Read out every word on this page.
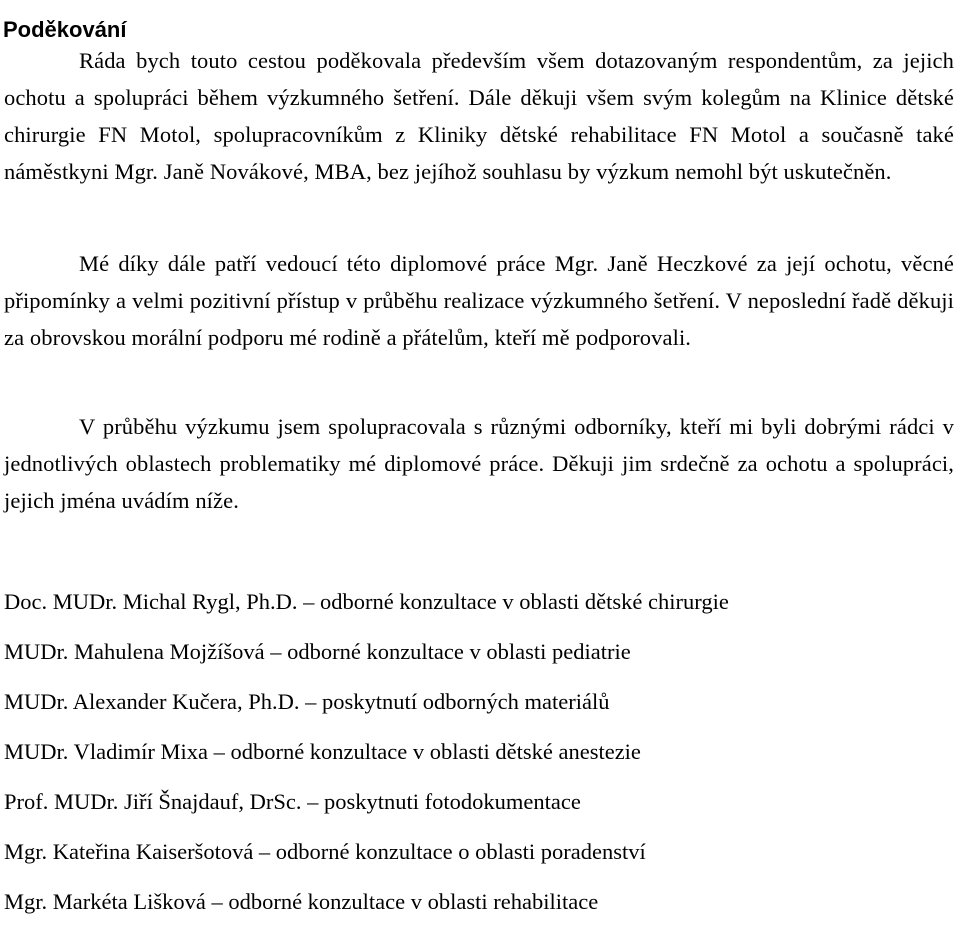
Poděkování

Ráda bych touto cestou poděkovala především všem dotazovaným respondentům, za jejich ochotu a spolupráci během výzkumného šetření. Dále děkuji všem svým kolegům na Klinice dětské chirurgie FN Motol, spolupracovníkům z Kliniky dětské rehabilitace FN Motol a současně také náměstkyni Mgr. Janě Novákové, MBA, bez jejíhož souhlasu by výzkum nemohl být uskutečněn.

Mé díky dále patří vedoucí této diplomové práce Mgr. Janě Heczkové za její ochotu, věcné připomínky a velmi pozitivní přístup v průběhu realizace výzkumného šetření. V neposlední řadě děkuji za obrovskou morální podporu mé rodině a přátelům, kteří mě podporovali.

V průběhu výzkumu jsem spolupracovala s různými odborníky, kteří mi byli dobrými rádci v jednotlivých oblastech problematiky mé diplomové práce. Děkuji jim srdečně za ochotu a spolupráci, jejich jména uvádím níže.

Doc. MUDr. Michal Rygl, Ph.D. – odborné konzultace v oblasti dětské chirurgie
MUDr. Mahulena Mojžíšová – odborné konzultace v oblasti pediatrie
MUDr. Alexander Kučera, Ph.D. – poskytnutí odborných materiálů
MUDr. Vladimír Mixa – odborné konzultace v oblasti dětské anestezie
Prof. MUDr. Jiří Šnajdauf, DrSc. – poskytnuti fotodokumentace
Mgr. Kateřina Kaiseršotová – odborné konzultace o oblasti poradenství
Mgr. Markéta Lišková – odborné konzultace v oblasti rehabilitace
